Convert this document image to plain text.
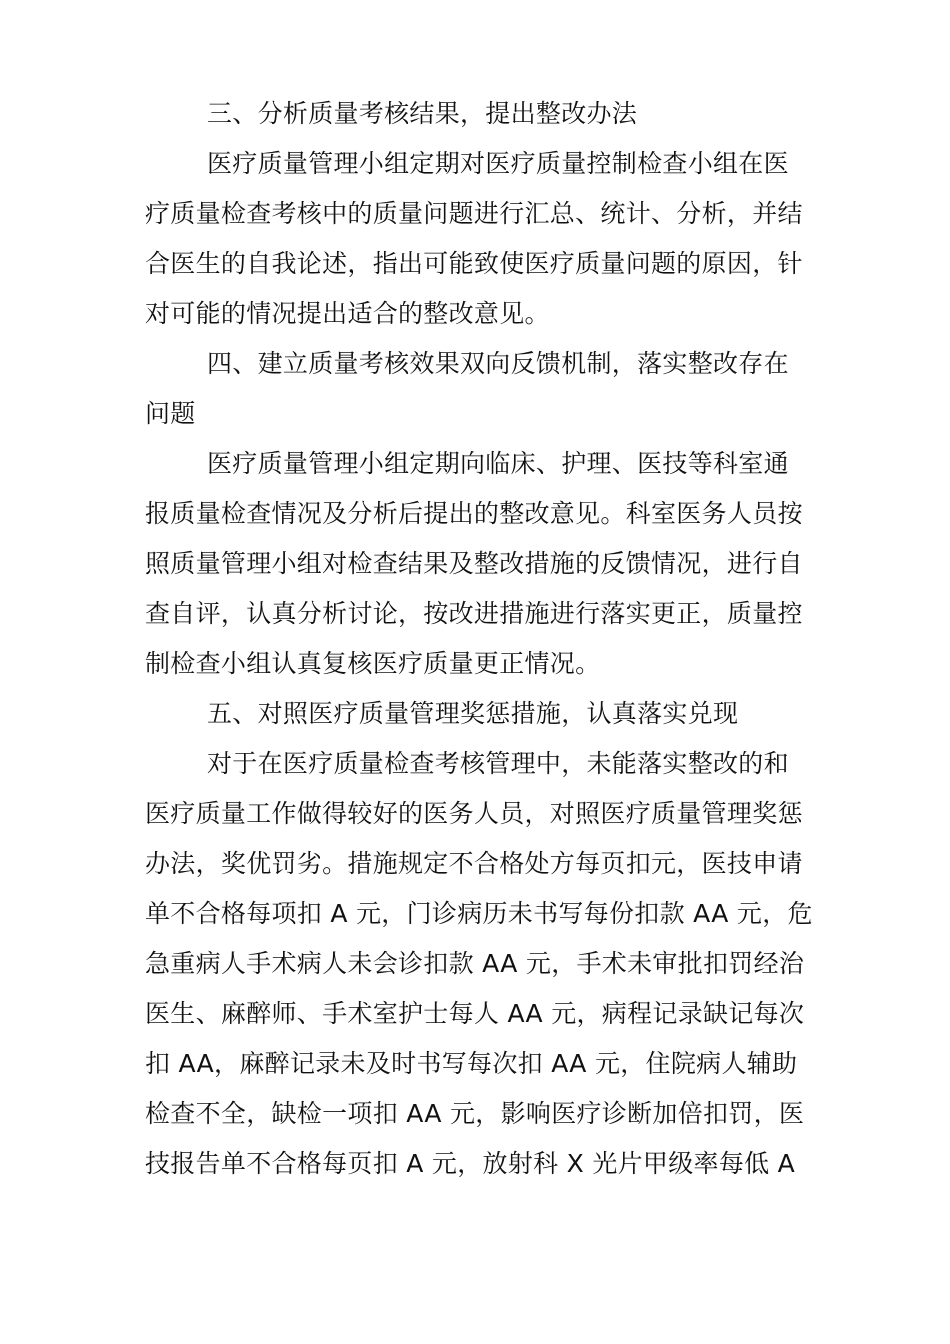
三、分析质量考核结果，提出整改办法
医疗质量管理小组定期对医疗质量控制检查小组在医
疗质量检查考核中的质量问题进行汇总、统计、分析，并结
合医生的自我论述，指出可能致使医疗质量问题的原因，针
对可能的情况提出适合的整改意见。
四、建立质量考核效果双向反馈机制，落实整改存在
问题
医疗质量管理小组定期向临床、护理、医技等科室通
报质量检查情况及分析后提出的整改意见。科室医务人员按
照质量管理小组对检查结果及整改措施的反馈情况，进行自
查自评，认真分析讨论，按改进措施进行落实更正，质量控
制检查小组认真复核医疗质量更正情况。
五、对照医疗质量管理奖惩措施，认真落实兑现
对于在医疗质量检查考核管理中，未能落实整改的和
医疗质量工作做得较好的医务人员，对照医疗质量管理奖惩
办法，奖优罚劣。措施规定不合格处方每页扣元，医技申请
单不合格每项扣 A 元，门诊病历未书写每份扣款 AA 元，危
急重病人手术病人未会诊扣款 AA 元，手术未审批扣罚经治
医生、麻醉师、手术室护士每人 AA 元，病程记录缺记每次
扣 AA，麻醉记录未及时书写每次扣 AA 元，住院病人辅助
检查不全，缺检一项扣 AA 元，影响医疗诊断加倍扣罚，医
技报告单不合格每页扣 A 元，放射科 X 光片甲级率每低 A
